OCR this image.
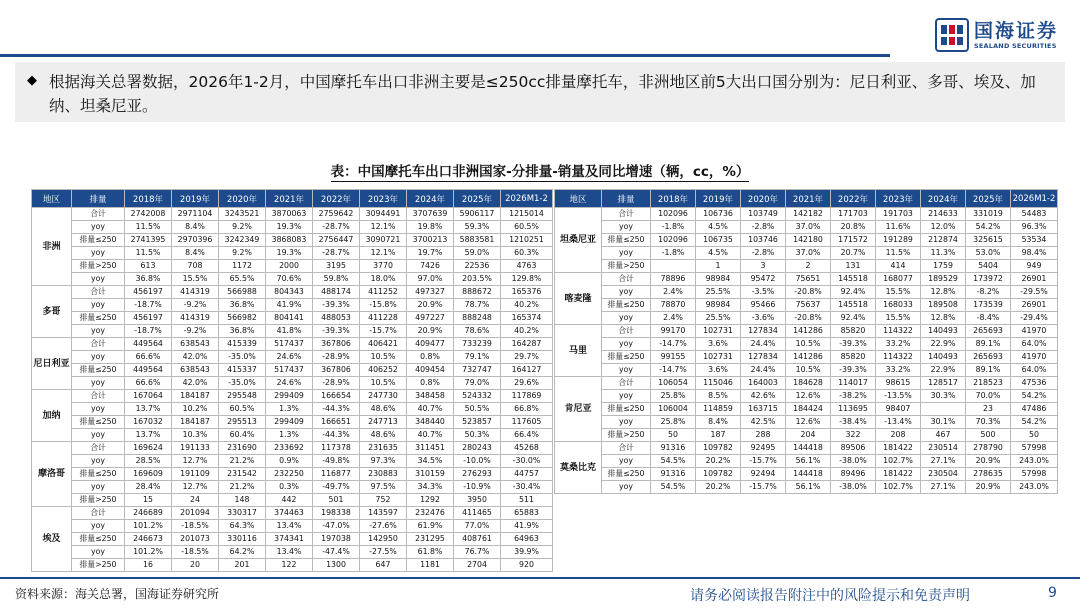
国海证券
SEALAND SECURITIES
◆ 根据海关总署数据，2026年1-2月，中国摩托车出口非洲主要是≤250cc排量摩托车，非洲地区前5大出口国分别为：尼日利亚、多哥、埃及、加纳、坦桑尼亚。
表：中国摩托车出口非洲国家-分排量-销量及同比增速（辆，cc，%）
地区	排量	2018年	2019年	2020年	2021年	2022年	2023年	2024年	2025年	2026M1-2
非洲	合计	2742008	2971104	3243521	3870063	2759642	3094491	3707639	5906117	1215014
	yoy	11.5%	8.4%	9.2%	19.3%	-28.7%	12.1%	19.8%	59.3%	60.5%
	排量≤250	2741395	2970396	3242349	3868083	2756447	3090721	3700213	5883581	1210251
	yoy	11.5%	8.4%	9.2%	19.3%	-28.7%	12.1%	19.7%	59.0%	60.3%
	排量>250	613	708	1172	2000	3195	3770	7426	22536	4763
	yoy	36.8%	15.5%	65.5%	70.6%	59.8%	18.0%	97.0%	203.5%	129.8%
多哥	合计	456197	414319	566988	804343	488174	411252	497327	888672	165376
	yoy	-18.7%	-9.2%	36.8%	41.9%	-39.3%	-15.8%	20.9%	78.7%	40.2%
	排量≤250	456197	414319	566982	804141	488053	411228	497227	888248	165374
	yoy	-18.7%	-9.2%	36.8%	41.8%	-39.3%	-15.7%	20.9%	78.6%	40.2%
尼日利亚	合计	449564	638543	415339	517437	367806	406421	409477	733239	164287
	yoy	66.6%	42.0%	-35.0%	24.6%	-28.9%	10.5%	0.8%	79.1%	29.7%
	排量≤250	449564	638543	415337	517437	367806	406252	409454	732747	164127
	yoy	66.6%	42.0%	-35.0%	24.6%	-28.9%	10.5%	0.8%	79.0%	29.6%
加纳	合计	167064	184187	295548	299409	166654	247730	348458	524332	117869
	yoy	13.7%	10.2%	60.5%	1.3%	-44.3%	48.6%	40.7%	50.5%	66.8%
	排量≤250	167032	184187	295513	299409	166651	247713	348440	523857	117605
	yoy	13.7%	10.3%	60.4%	1.3%	-44.3%	48.6%	40.7%	50.3%	66.4%
摩洛哥	合计	169624	191133	231690	233692	117378	231635	311451	280243	45268
	yoy	28.5%	12.7%	21.2%	0.9%	-49.8%	97.3%	34.5%	-10.0%	-30.0%
	排量≤250	169609	191109	231542	232250	116877	230883	310159	276293	44757
	yoy	28.4%	12.7%	21.2%	0.3%	-49.7%	97.5%	34.3%	-10.9%	-30.4%
	排量>250	15	24	148	442	501	752	1292	3950	511
埃及	合计	246689	201094	330317	374463	198338	143597	232476	411465	65883
	yoy	101.2%	-18.5%	64.3%	13.4%	-47.0%	-27.6%	61.9%	77.0%	41.9%
	排量≤250	246673	201073	330116	374341	197038	142950	231295	408761	64963
	yoy	101.2%	-18.5%	64.2%	13.4%	-47.4%	-27.5%	61.8%	76.7%	39.9%
	排量>250	16	20	201	122	1300	647	1181	2704	920
地区	排量	2018年	2019年	2020年	2021年	2022年	2023年	2024年	2025年	2026M1-2
坦桑尼亚	合计	102096	106736	103749	142182	171703	191703	214633	331019	54483
	yoy	-1.8%	4.5%	-2.8%	37.0%	20.8%	11.6%	12.0%	54.2%	96.3%
	排量≤250	102096	106735	103746	142180	171572	191289	212874	325615	53534
	yoy	-1.8%	4.5%	-2.8%	37.0%	20.7%	11.5%	11.3%	53.0%	98.4%
	排量>250		1	3	2	131	414	1759	5404	949
喀麦隆	合计	78896	98984	95472	75651	145518	168077	189529	173972	26901
	yoy	2.4%	25.5%	-3.5%	-20.8%	92.4%	15.5%	12.8%	-8.2%	-29.5%
	排量≤250	78870	98984	95466	75637	145518	168033	189508	173539	26901
	yoy	2.4%	25.5%	-3.6%	-20.8%	92.4%	15.5%	12.8%	-8.4%	-29.4%
马里	合计	99170	102731	127834	141286	85820	114322	140493	265693	41970
	yoy	-14.7%	3.6%	24.4%	10.5%	-39.3%	33.2%	22.9%	89.1%	64.0%
	排量≤250	99155	102731	127834	141286	85820	114322	140493	265693	41970
	yoy	-14.7%	3.6%	24.4%	10.5%	-39.3%	33.2%	22.9%	89.1%	64.0%
肯尼亚	合计	106054	115046	164003	184628	114017	98615	128517	218523	47536
	yoy	25.8%	8.5%	42.6%	12.6%	-38.2%	-13.5%	30.3%	70.0%	54.2%
	排量≤250	106004	114859	163715	184424	113695	98407		23	47486
	yoy	25.8%	8.4%	42.5%	12.6%	-38.4%	-13.4%	30.1%	70.3%	54.2%
	排量>250	50	187	288	204	322	208	467	500	50
莫桑比克	合计	91316	109782	92495	144418	89506	181422	230514	278790	57998
	yoy	54.5%	20.2%	-15.7%	56.1%	-38.0%	102.7%	27.1%	20.9%	243.0%
	排量≤250	91316	109782	92494	144418	89496	181422	230504	278635	57998
	yoy	54.5%	20.2%	-15.7%	56.1%	-38.0%	102.7%	27.1%	20.9%	243.0%
资料来源：海关总署，国海证券研究所	请务必阅读报告附注中的风险提示和免责声明	9
